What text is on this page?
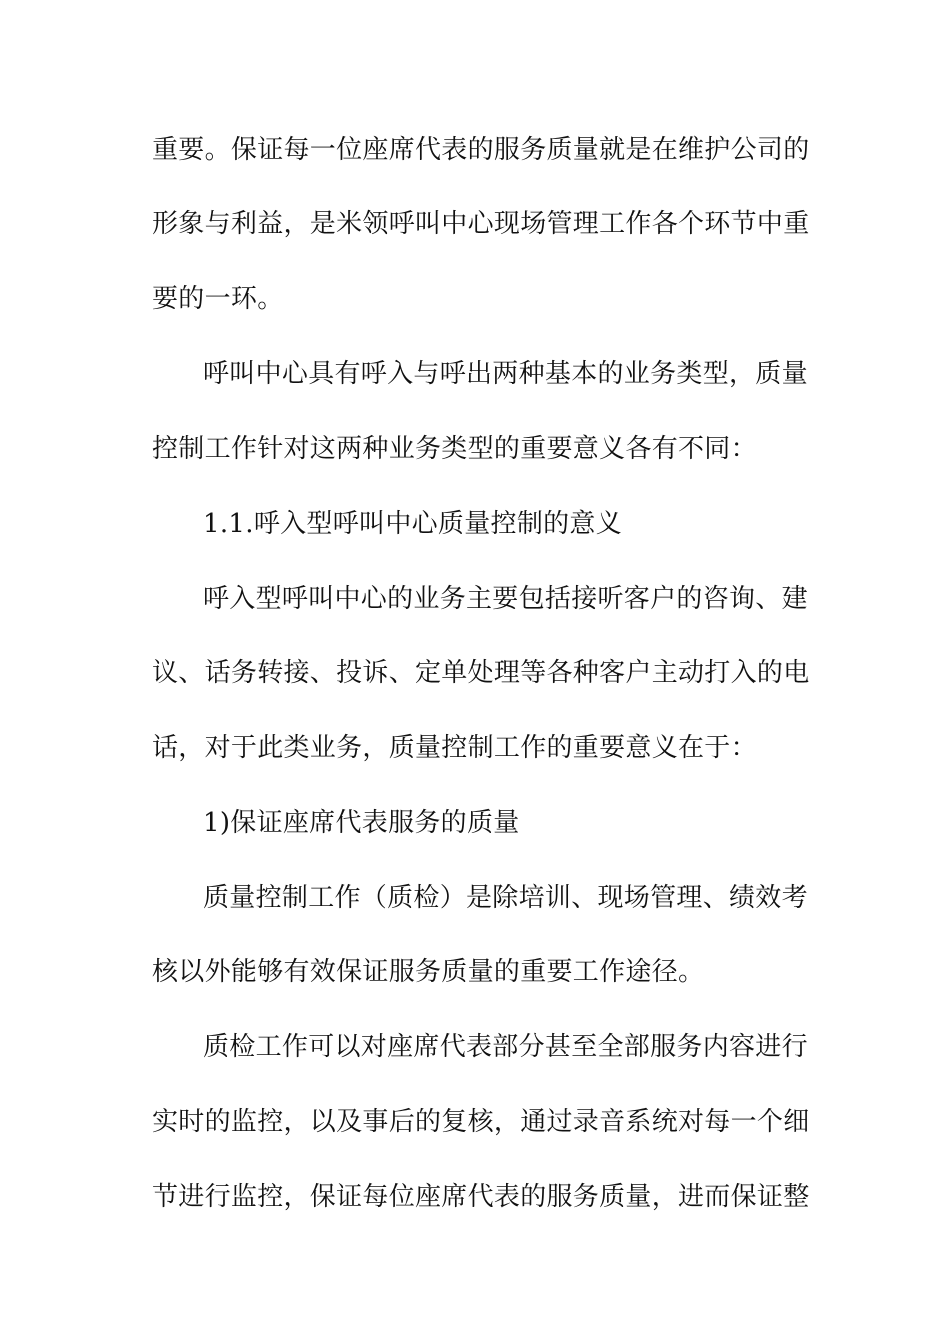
重要。保证每一位座席代表的服务质量就是在维护公司的
形象与利益，是米领呼叫中心现场管理工作各个环节中重
要的一环。
呼叫中心具有呼入与呼出两种基本的业务类型，质量
控制工作针对这两种业务类型的重要意义各有不同：
1.1.呼入型呼叫中心质量控制的意义
呼入型呼叫中心的业务主要包括接听客户的咨询、建
议、话务转接、投诉、定单处理等各种客户主动打入的电
话，对于此类业务，质量控制工作的重要意义在于：
1)保证座席代表服务的质量
质量控制工作（质检）是除培训、现场管理、绩效考
核以外能够有效保证服务质量的重要工作途径。
质检工作可以对座席代表部分甚至全部服务内容进行
实时的监控，以及事后的复核，通过录音系统对每一个细
节进行监控，保证每位座席代表的服务质量，进而保证整
